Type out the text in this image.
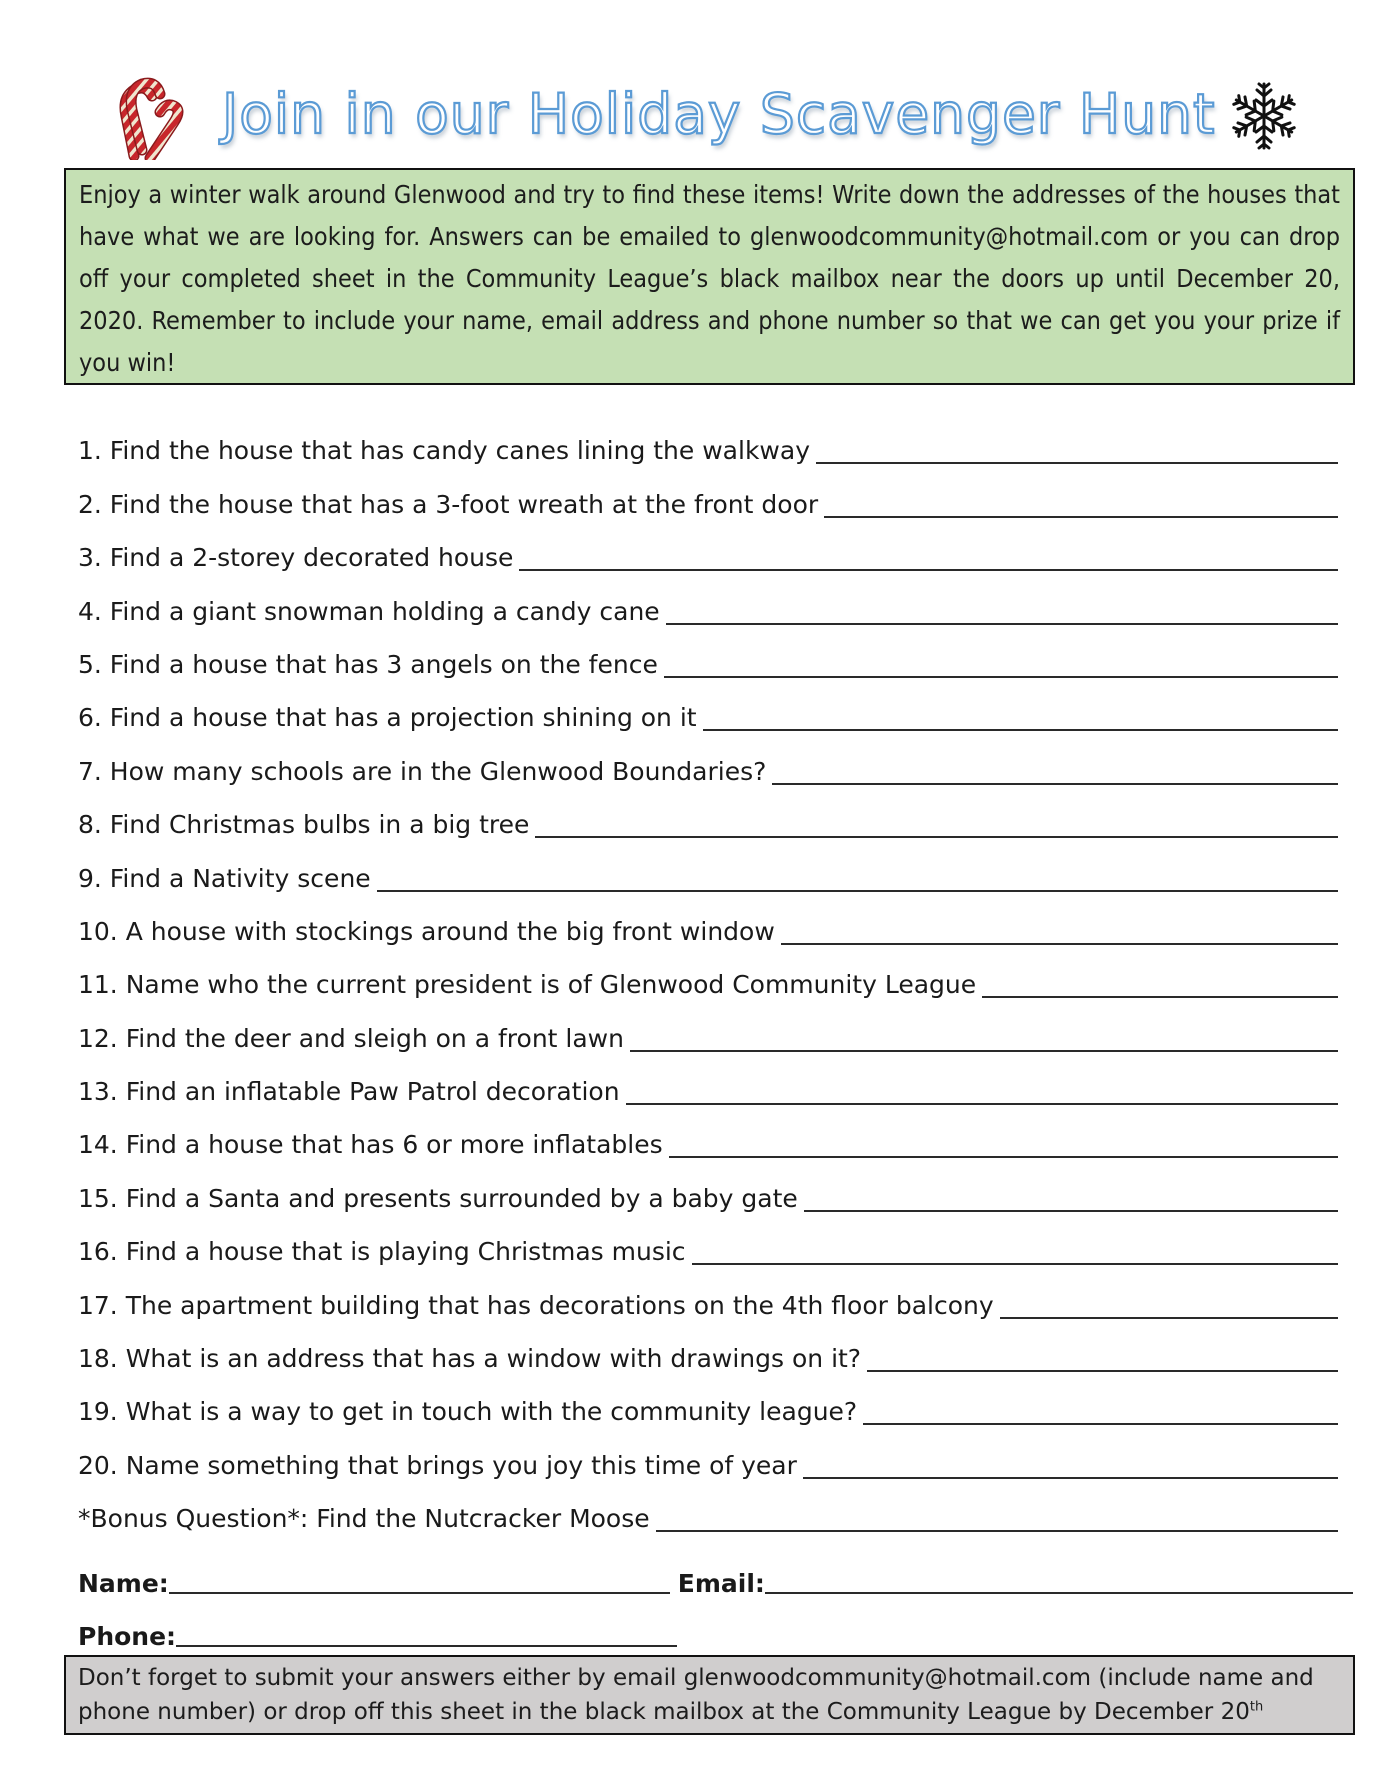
Join in our Holiday Scavenger Hunt

Enjoy a winter walk around Glenwood and try to find these items! Write down the addresses of the houses that have what we are looking for. Answers can be emailed to glenwoodcommunity@hotmail.com or you can drop off your completed sheet in the Community League’s black mailbox near the doors up until December 20, 2020. Remember to include your name, email address and phone number so that we can get you your prize if you win!

1. Find the house that has candy canes lining the walkway
2. Find the house that has a 3-foot wreath at the front door
3. Find a 2-storey decorated house
4. Find a giant snowman holding a candy cane
5. Find a house that has 3 angels on the fence
6. Find a house that has a projection shining on it
7. How many schools are in the Glenwood Boundaries?
8. Find Christmas bulbs in a big tree
9. Find a Nativity scene
10. A house with stockings around the big front window
11. Name who the current president is of Glenwood Community League
12. Find the deer and sleigh on a front lawn
13. Find an inflatable Paw Patrol decoration
14. Find a house that has 6 or more inflatables
15. Find a Santa and presents surrounded by a baby gate
16. Find a house that is playing Christmas music
17. The apartment building that has decorations on the 4th floor balcony
18. What is an address that has a window with drawings on it?
19. What is a way to get in touch with the community league?
20. Name something that brings you joy this time of year
*Bonus Question*: Find the Nutcracker Moose
Name:	Email:
Phone:

Don’t forget to submit your answers either by email glenwoodcommunity@hotmail.com (include name and
phone number) or drop off this sheet in the black mailbox at the Community League by December 20th
